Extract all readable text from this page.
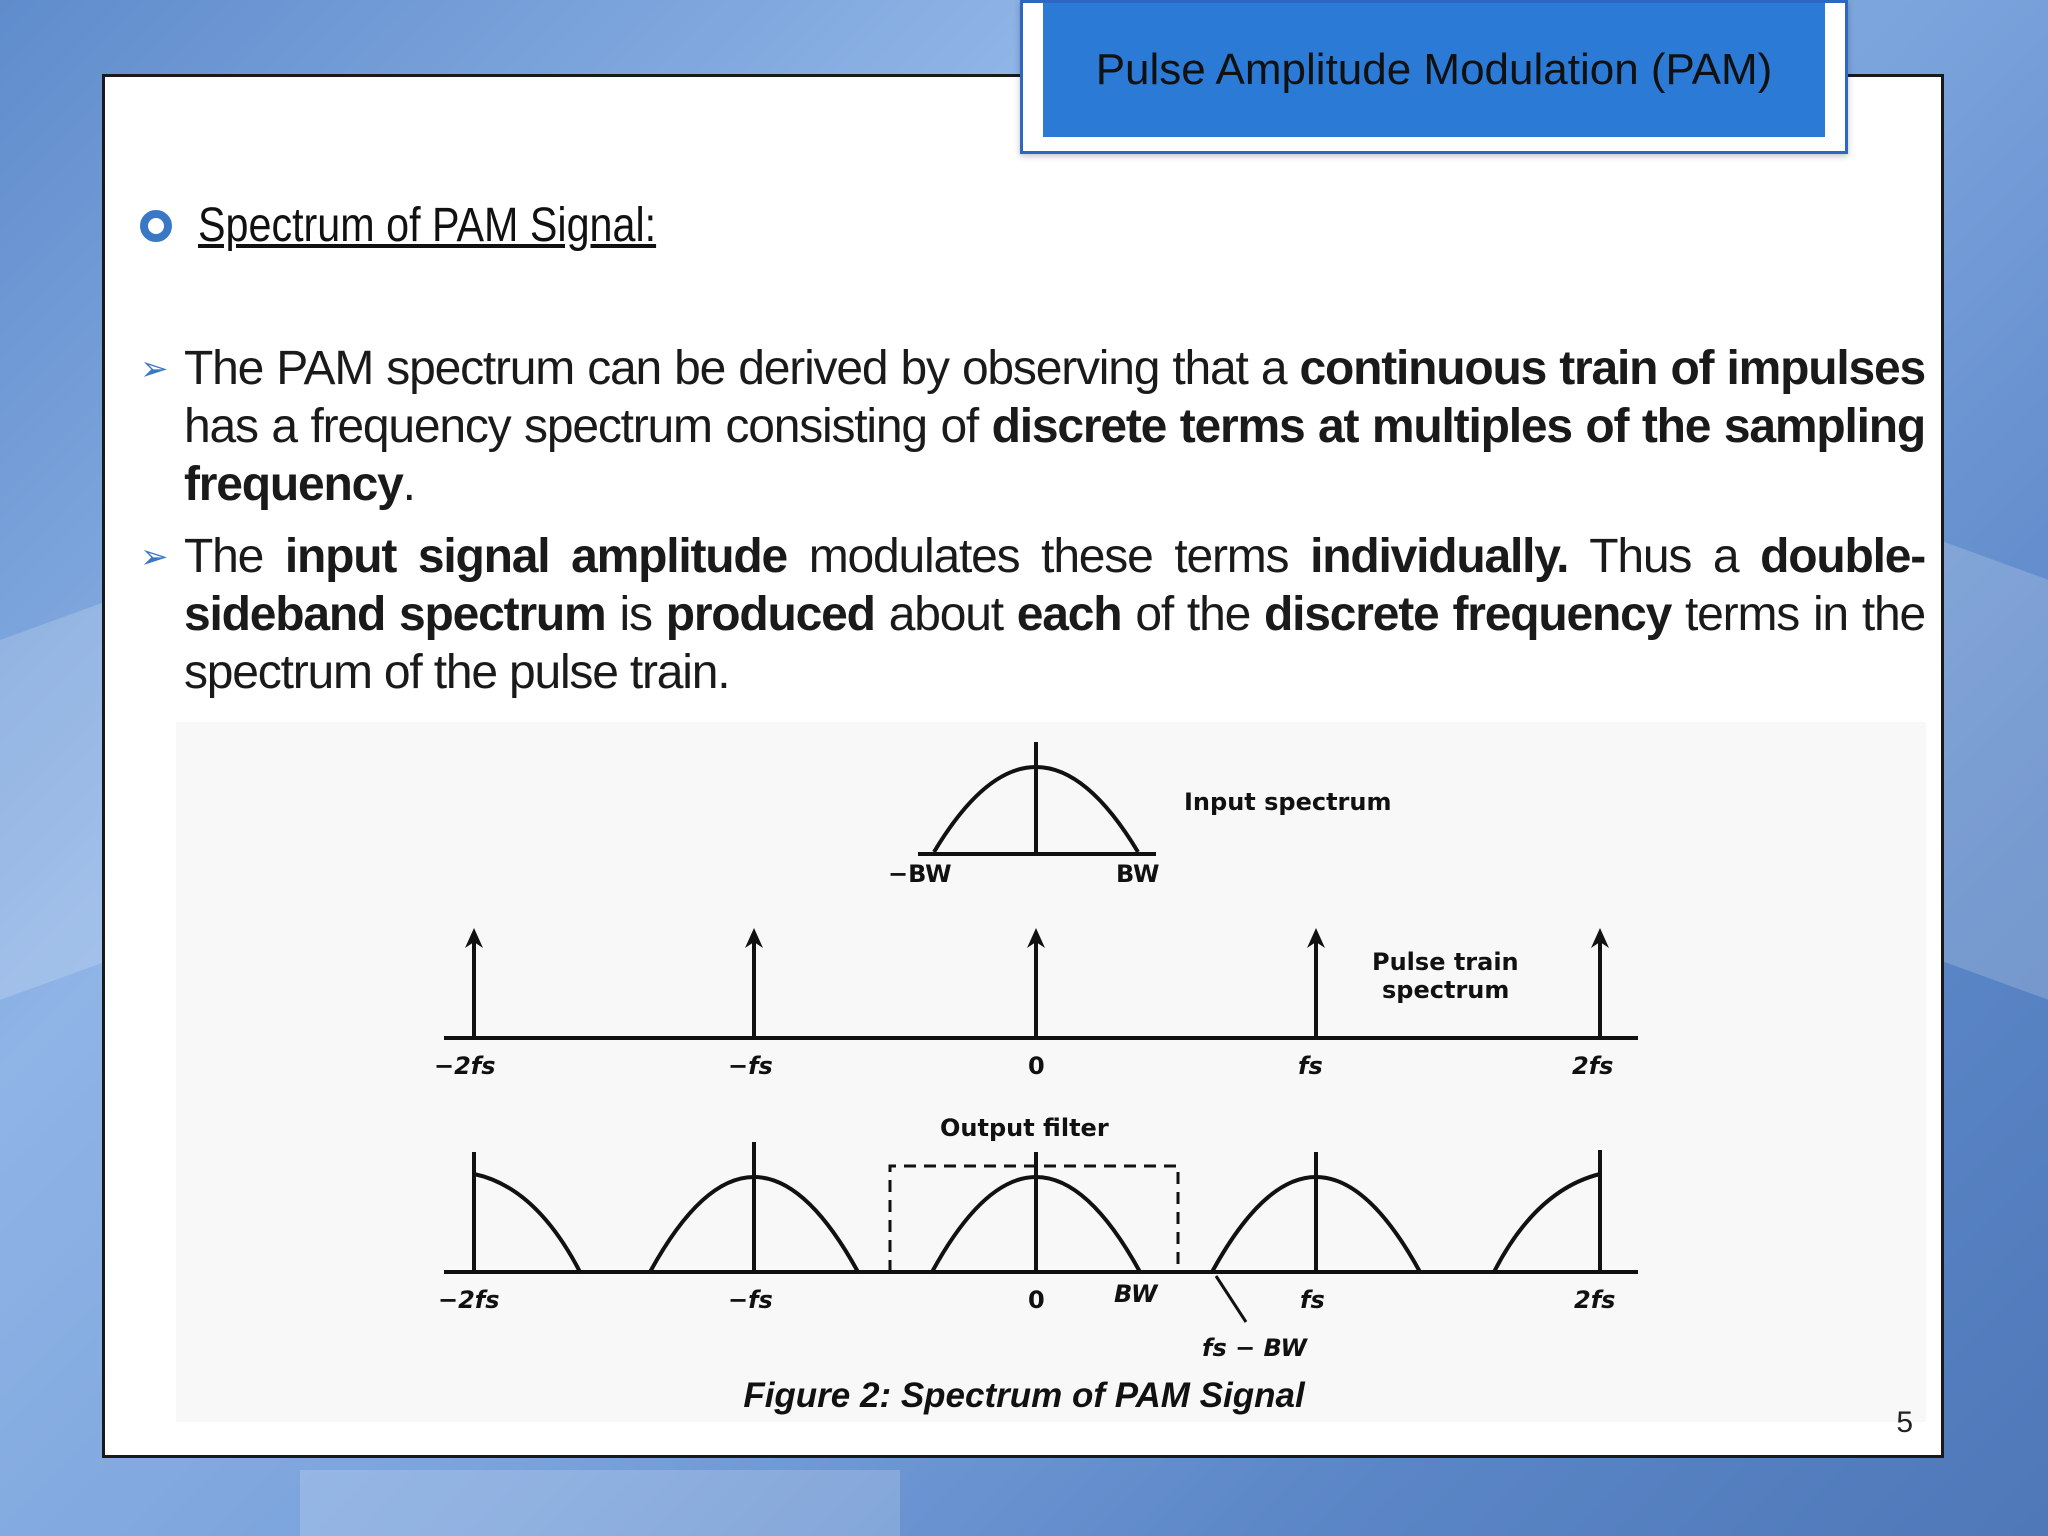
Pulse Amplitude Modulation (PAM)
Spectrum of PAM Signal:
➢ The PAM spectrum can be derived by observing that a continuous train of impulses has a frequency spectrum consisting of discrete terms at multiples of the sampling frequency.
➢ The input signal amplitude modulates these terms individually. Thus a double-sideband spectrum is produced about each of the discrete frequency terms in the spectrum of the pulse train.
Input spectrum
−BW	BW
Pulse train
spectrum
−2fs	−fs	0	fs	2fs
Output filter
−2fs	−fs	0	BW	fs	2fs
fs − BW
Figure 2: Spectrum of PAM Signal
5
